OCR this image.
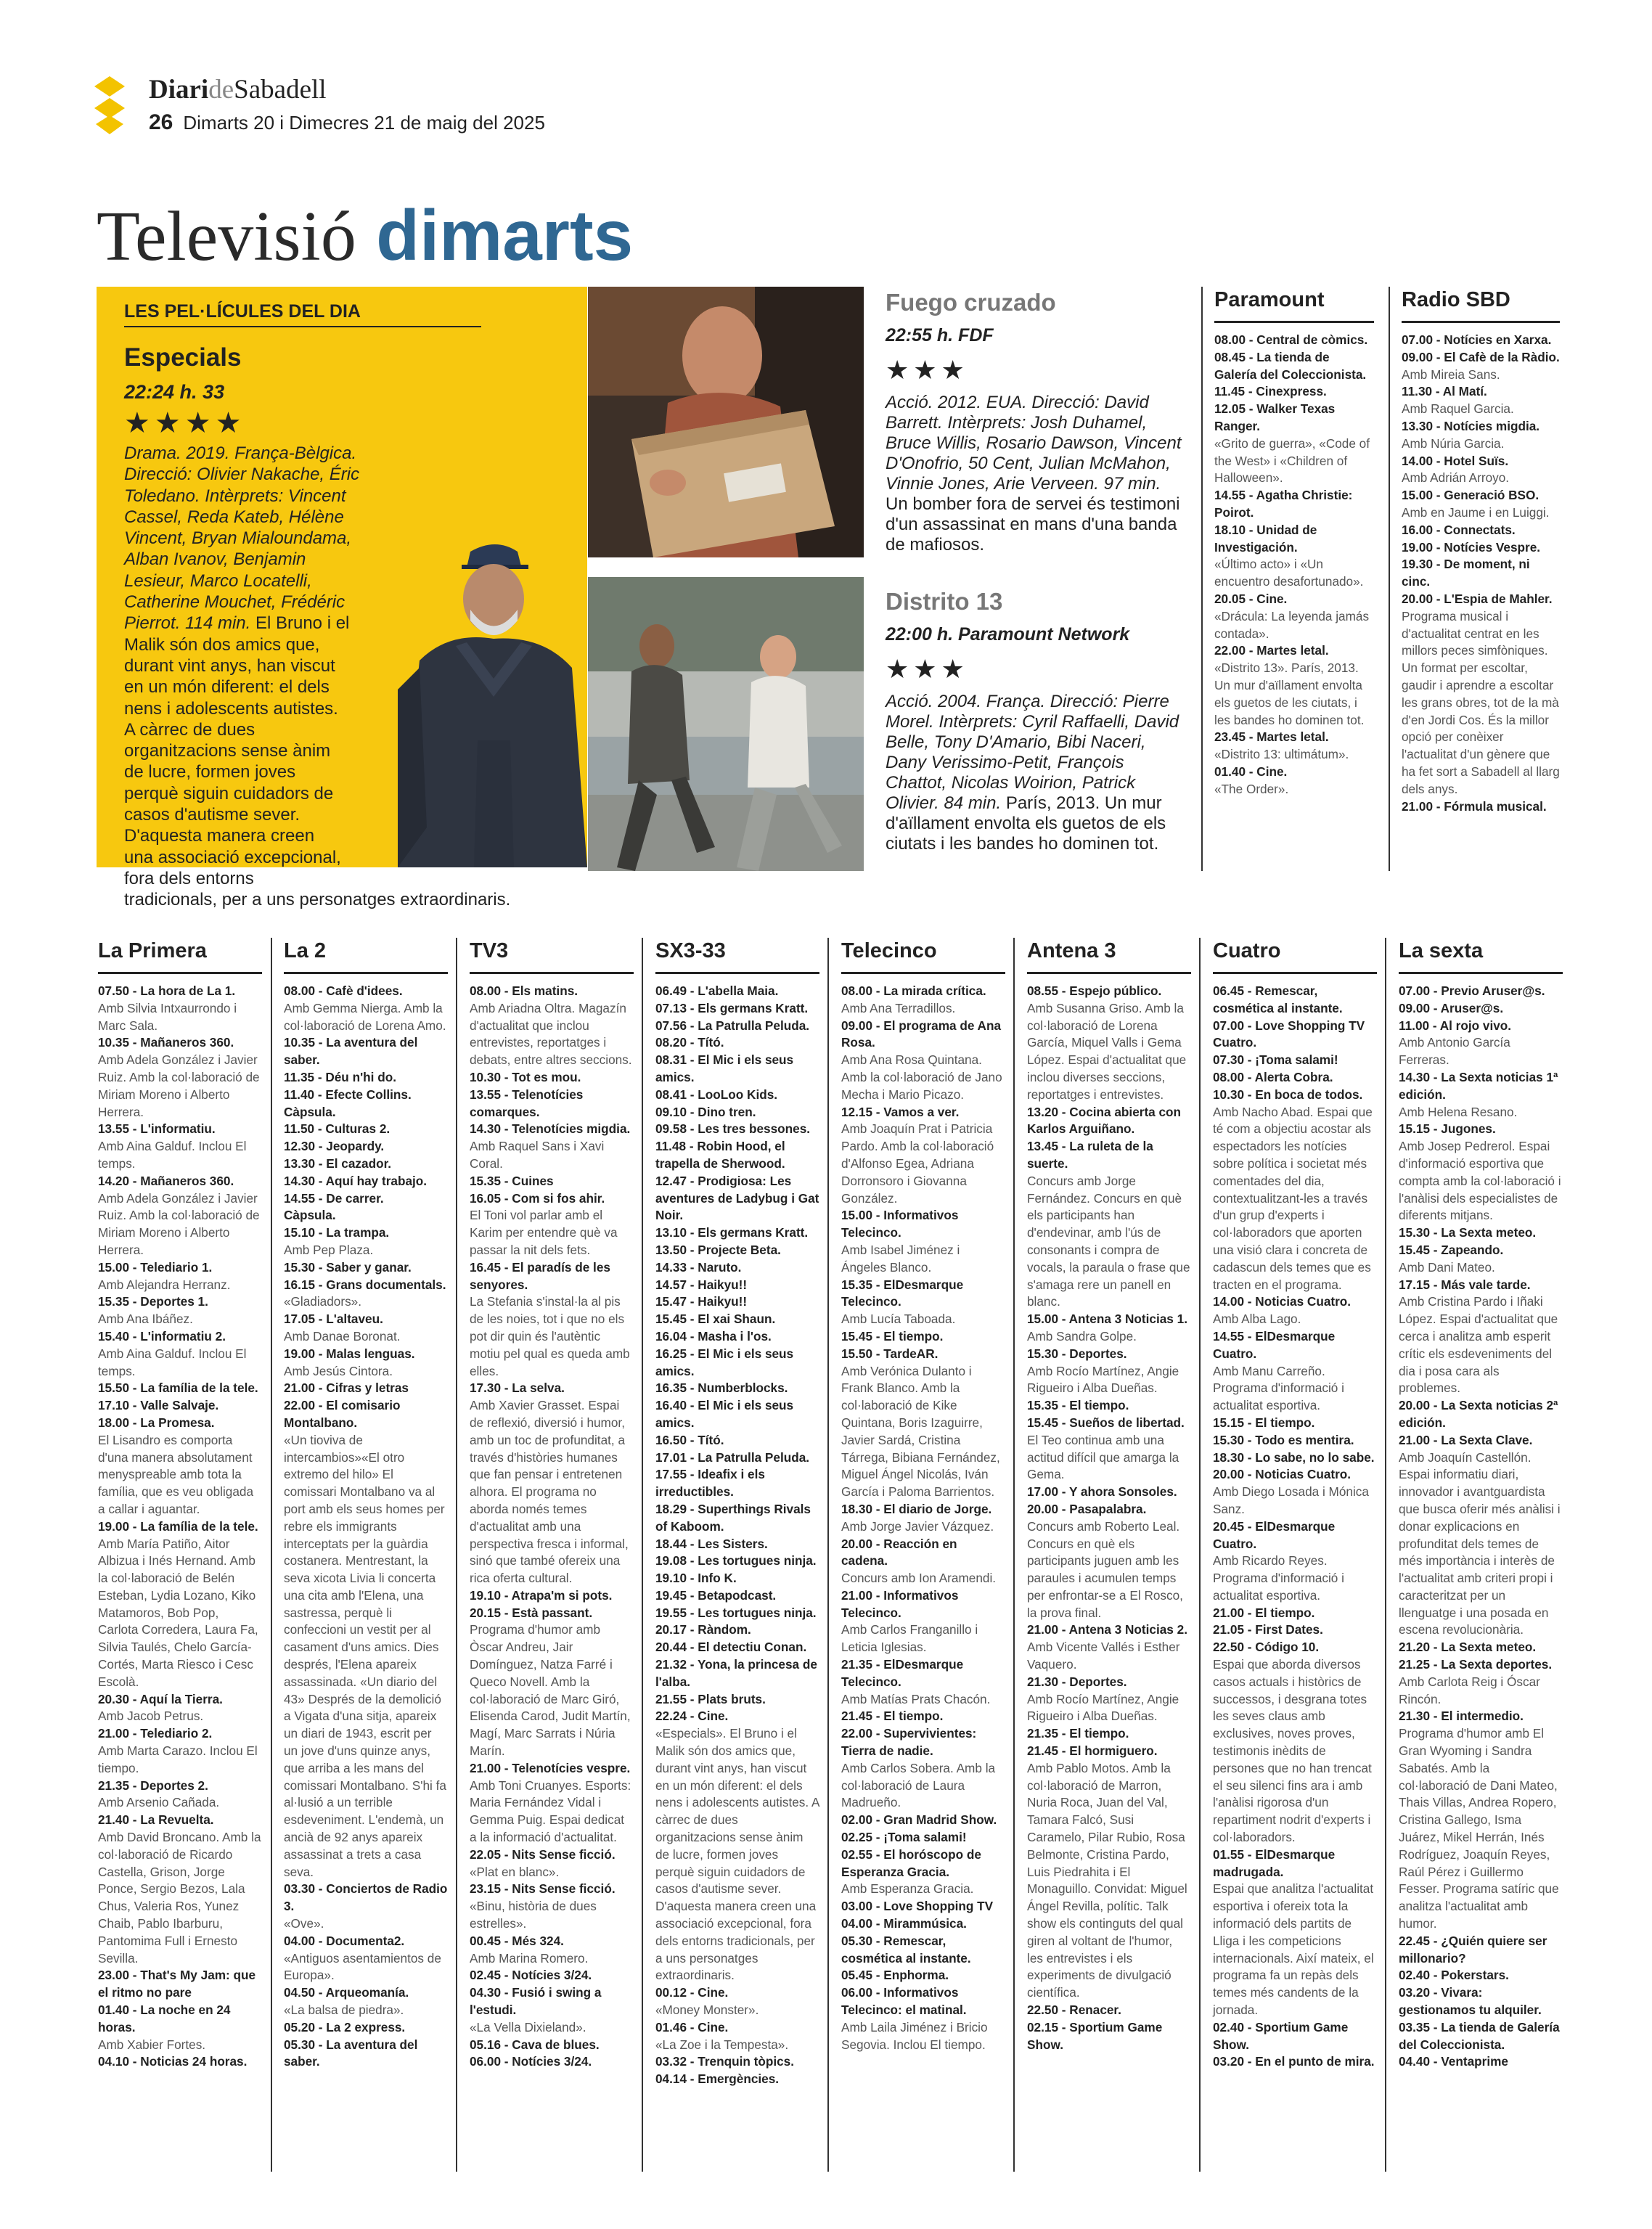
DiarideSabadell
26 Dimarts 20 i Dimecres 21 de maig del 2025
Televisió dimarts
LES PEL·LÍCULES DEL DIA
Especials
22:24 h. 33
★★★★
Drama. 2019. França-Bèlgica. Direcció: Olivier Nakache, Éric Toledano. Intèrprets: Vincent Cassel, Reda Kateb, Hélène Vincent, Bryan Mialoundama, Alban Ivanov, Benjamin Lesieur, Marco Locatelli, Catherine Mouchet, Frédéric Pierrot. 114 min. El Bruno i el Malik són dos amics que, durant vint anys, han viscut en un món diferent: el dels nens i adolescents autistes. A càrrec de dues organitzacions sense ànim de lucre, formen joves perquè siguin cuidadors de casos d'autisme sever. D'aquesta manera creen una associació excepcional, fora dels entorns tradicionals, per a uns personatges extraordinaris.
Fuego cruzado
22:55 h. FDF
★★★
Acció. 2012. EUA. Direcció: David Barrett. Intèrprets: Josh Duhamel, Bruce Willis, Rosario Dawson, Vincent D'Onofrio, 50 Cent, Julian McMahon, Vinnie Jones, Arie Verveen. 97 min. Un bomber fora de servei és testimoni d'un assassinat en mans d'una banda de mafiosos.
Distrito 13
22:00 h. Paramount Network
★★★
Acció. 2004. França. Direcció: Pierre Morel. Intèrprets: Cyril Raffaelli, David Belle, Tony D'Amario, Bibi Naceri, Dany Verissimo-Petit, François Chattot, Nicolas Woirion, Patrick Olivier. 84 min. París, 2013. Un mur d'aïllament envolta els guetos de els ciutats i les bandes ho dominen tot.
Paramount

08.00 - Central de còmics.

08.45 - La tienda de Galería del Coleccionista.

11.45 - Cinexpress.

12.05 - Walker Texas Ranger.
«Grito de guerra», «Code of the West» i «Children of Halloween».

14.55 - Agatha Christie: Poirot.

18.10 - Unidad de Investigación.
«Último acto» i «Un encuentro desafortunado».

20.05 - Cine.
«Drácula: La leyenda jamás contada».

22.00 - Martes letal.
«Distrito 13». París, 2013. Un mur d'aïllament envolta els guetos de les ciutats, i les bandes ho dominen tot.

23.45 - Martes letal.
«Distrito 13: ultimátum».

01.40 - Cine.
«The Order».

Radio SBD

07.00 - Notícies en Xarxa.

09.00 - El Cafè de la Ràdio.
Amb Mireia Sans.

11.30 - Al Matí.
Amb Raquel Garcia.

13.30 - Notícies migdia.
Amb Núria Garcia.

14.00 - Hotel Suïs.
Amb Adrián Arroyo.

15.00 - Generació BSO.
Amb en Jaume i en Luiggi.

16.00 - Connectats.

19.00 - Notícies Vespre.

19.30 - De moment, ni cinc.

20.00 - L'Espia de Mahler.
Programa musical i d'actualitat centrat en les millors peces simfòniques. Un format per escoltar, gaudir i aprendre a escoltar les grans obres, tot de la mà d'en Jordi Cos. És la millor opció per conèixer l'actualitat d'un gènere que ha fet sort a Sabadell al llarg dels anys.

21.00 - Fórmula musical.

La Primera

07.50 - La hora de La 1.
Amb Silvia Intxaurrondo i Marc Sala.

10.35 - Mañaneros 360.
Amb Adela González i Javier Ruiz. Amb la col·laboració de Miriam Moreno i Alberto Herrera.

13.55 - L'informatiu.
Amb Aina Galduf. Inclou El temps.

14.20 - Mañaneros 360.
Amb Adela González i Javier Ruiz. Amb la col·laboració de Miriam Moreno i Alberto Herrera.

15.00 - Telediario 1.
Amb Alejandra Herranz.

15.35 - Deportes 1.
Amb Ana Ibáñez.

15.40 - L'informatiu 2.
Amb Aina Galduf. Inclou El temps.

15.50 - La família de la tele.

17.10 - Valle Salvaje.

18.00 - La Promesa.
El Lisandro es comporta d'una manera absolutament menyspreable amb tota la família, que es veu obligada a callar i aguantar.

19.00 - La família de la tele.
Amb María Patiño, Aitor Albizua i Inés Hernand. Amb la col·laboració de Belén Esteban, Lydia Lozano, Kiko Matamoros, Bob Pop, Carlota Corredera, Laura Fa, Silvia Taulés, Chelo García-Cortés, Marta Riesco i Cesc Escolà.

20.30 - Aquí la Tierra.
Amb Jacob Petrus.

21.00 - Telediario 2.
Amb Marta Carazo. Inclou El tiempo.

21.35 - Deportes 2.
Amb Arsenio Cañada.

21.40 - La Revuelta.
Amb David Broncano. Amb la col·laboració de Ricardo Castella, Grison, Jorge Ponce, Sergio Bezos, Lala Chus, Valeria Ros, Yunez Chaib, Pablo Ibarburu, Pantomima Full i Ernesto Sevilla.

23.00 - That's My Jam: que el ritmo no pare

01.40 - La noche en 24 horas.
Amb Xabier Fortes.

04.10 - Noticias 24 horas.

La 2

08.00 - Cafè d'idees.
Amb Gemma Nierga. Amb la col·laboració de Lorena Amo.

10.35 - La aventura del saber.

11.35 - Déu n'hi do.

11.40 - Efecte Collins.

Càpsula.

11.50 - Culturas 2.

12.30 - Jeopardy.

13.30 - El cazador.

14.30 - Aquí hay trabajo.

14.55 - De carrer.

Càpsula.

15.10 - La trampa.
Amb Pep Plaza.

15.30 - Saber y ganar.

16.15 - Grans documentals.
«Gladiadors».

17.05 - L'altaveu.
Amb Danae Boronat.

19.00 - Malas lenguas.
Amb Jesús Cintora.

21.00 - Cifras y letras

22.00 - El comisario Montalbano.
«Un tioviva de intercambios»«El otro extremo del hilo» El comissari Montalbano va al port amb els seus homes per rebre els immigrants interceptats per la guàrdia costanera. Mentrestant, la seva xicota Livia li concerta una cita amb l'Elena, una sastressa, perquè li confeccioni un vestit per al casament d'uns amics. Dies després, l'Elena apareix assassinada. «Un diario del 43» Després de la demolició a Vigata d'una sitja, apareix un diari de 1943, escrit per un jove d'uns quinze anys, que arriba a les mans del comissari Montalbano. S'hi fa al·lusió a un terrible esdeveniment. L'endemà, un ancià de 92 anys apareix assassinat a trets a casa seva.

03.30 - Conciertos de Radio 3.
«Ove».

04.00 - Documenta2.
«Antiguos asentamientos de Europa».

04.50 - Arqueomanía.
«La balsa de piedra».

05.20 - La 2 express.

05.30 - La aventura del saber.

TV3

08.00 - Els matins.
Amb Ariadna Oltra. Magazín d'actualitat que inclou entrevistes, reportatges i debats, entre altres seccions.

10.30 - Tot es mou.

13.55 - Telenotícies comarques.

14.30 - Telenotícies migdia.
Amb Raquel Sans i Xavi Coral.

15.35 - Cuines

16.05 - Com si fos ahir.
El Toni vol parlar amb el Karim per entendre què va passar la nit dels fets.

16.45 - El paradís de les senyores.
La Stefania s'instal·la al pis de les noies, tot i que no els pot dir quin és l'autèntic motiu pel qual es queda amb elles.

17.30 - La selva.
Amb Xavier Grasset. Espai de reflexió, diversió i humor, amb un toc de profunditat, a través d'històries humanes que fan pensar i entretenen alhora. El programa no aborda només temes d'actualitat amb una perspectiva fresca i informal, sinó que també ofereix una rica oferta cultural.

19.10 - Atrapa'm si pots.

20.15 - Està passant.
Programa d'humor amb Òscar Andreu, Jair Domínguez, Natza Farré i Queco Novell. Amb la col·laboració de Marc Giró, Elisenda Carod, Judit Martín, Magí, Marc Sarrats i Núria Marín.

21.00 - Telenotícies vespre.
Amb Toni Cruanyes. Esports: Maria Fernández Vidal i Gemma Puig. Espai dedicat a la informació d'actualitat.

22.05 - Nits Sense ficció.
«Plat en blanc».

23.15 - Nits Sense ficció.
«Binu, història de dues estrelles».

00.45 - Més 324.
Amb Marina Romero.

02.45 - Notícies 3/24.

04.30 - Fusió i swing a l'estudi.
«La Vella Dixieland».

05.16 - Cava de blues.

06.00 - Notícies 3/24.

SX3-33

06.49 - L'abella Maia.

07.13 - Els germans Kratt.

07.56 - La Patrulla Peluda.

08.20 - Tító.

08.31 - El Mic i els seus amics.

08.41 - LooLoo Kids.

09.10 - Dino tren.

09.58 - Les tres bessones.

11.48 - Robin Hood, el trapella de Sherwood.

12.47 - Prodigiosa: Les aventures de Ladybug i Gat Noir.

13.10 - Els germans Kratt.

13.50 - Projecte Beta.

14.33 - Naruto.

14.57 - Haikyu!!

15.47 - Haikyu!!

15.45 - El xai Shaun.

16.04 - Masha i l'os.

16.25 - El Mic i els seus amics.

16.35 - Numberblocks.

16.40 - El Mic i els seus amics.

16.50 - Tító.

17.01 - La Patrulla Peluda.

17.55 - Ideafix i els irreductibles.

18.29 - Superthings Rivals of Kaboom.

18.44 - Les Sisters.

19.08 - Les tortugues ninja.

19.10 - Info K.

19.45 - Betapodcast.

19.55 - Les tortugues ninja.

20.17 - Ràndom.

20.44 - El detectiu Conan.

21.32 - Yona, la princesa de l'alba.

21.55 - Plats bruts.

22.24 - Cine.
«Especials». El Bruno i el Malik són dos amics que, durant vint anys, han viscut en un món diferent: el dels nens i adolescents autistes. A càrrec de dues organitzacions sense ànim de lucre, formen joves perquè siguin cuidadors de casos d'autisme sever. D'aquesta manera creen una associació excepcional, fora dels entorns tradicionals, per a uns personatges extraordinaris.

00.12 - Cine.
«Money Monster».

01.46 - Cine.
«La Zoe i la Tempesta».

03.32 - Trenquin tòpics.

04.14 - Emergències.

Telecinco

08.00 - La mirada crítica.
Amb Ana Terradillos.

09.00 - El programa de Ana Rosa.
Amb Ana Rosa Quintana. Amb la col·laboració de Jano Mecha i Mario Picazo.

12.15 - Vamos a ver.
Amb Joaquín Prat i Patricia Pardo. Amb la col·laboració d'Alfonso Egea, Adriana Dorronsoro i Giovanna González.

15.00 - Informativos Telecinco.
Amb Isabel Jiménez i Ángeles Blanco.

15.35 - ElDesmarque Telecinco.
Amb Lucía Taboada.

15.45 - El tiempo.

15.50 - TardeAR.
Amb Verónica Dulanto i Frank Blanco. Amb la col·laboració de Kike Quintana, Boris Izaguirre, Javier Sardá, Cristina Tárrega, Bibiana Fernández, Miguel Ángel Nicolás, Iván García i Paloma Barrientos.

18.30 - El diario de Jorge.
Amb Jorge Javier Vázquez.

20.00 - Reacción en cadena.
Concurs amb Ion Aramendi.

21.00 - Informativos Telecinco.
Amb Carlos Franganillo i Leticia Iglesias.

21.35 - ElDesmarque Telecinco.
Amb Matías Prats Chacón.

21.45 - El tiempo.

22.00 - Supervivientes: Tierra de nadie.
Amb Carlos Sobera. Amb la col·laboració de Laura Madrueño.

02.00 - Gran Madrid Show.

02.25 - ¡Toma salami!

02.55 - El horóscopo de Esperanza Gracia.
Amb Esperanza Gracia.

03.00 - Love Shopping TV

04.00 - Mirammúsica.

05.30 - Remescar, cosmética al instante.

05.45 - Enphorma.

06.00 - Informativos Telecinco: el matinal.
Amb Laila Jiménez i Bricio Segovia. Inclou El tiempo.

Antena 3

08.55 - Espejo público.
Amb Susanna Griso. Amb la col·laboració de Lorena García, Miquel Valls i Gema López. Espai d'actualitat que inclou diverses seccions, reportatges i entrevistes.

13.20 - Cocina abierta con Karlos Arguiñano.

13.45 - La ruleta de la suerte.
Concurs amb Jorge Fernández. Concurs en què els participants han d'endevinar, amb l'ús de consonants i compra de vocals, la paraula o frase que s'amaga rere un panell en blanc.

15.00 - Antena 3 Noticias 1.
Amb Sandra Golpe.

15.30 - Deportes.
Amb Rocío Martínez, Angie Rigueiro i Alba Dueñas.

15.35 - El tiempo.

15.45 - Sueños de libertad.
El Teo continua amb una actitud difícil que amarga la Gema.

17.00 - Y ahora Sonsoles.

20.00 - Pasapalabra.
Concurs amb Roberto Leal. Concurs en què els participants juguen amb les paraules i acumulen temps per enfrontar-se a El Rosco, la prova final.

21.00 - Antena 3 Noticias 2.
Amb Vicente Vallés i Esther Vaquero.

21.30 - Deportes.
Amb Rocío Martínez, Angie Rigueiro i Alba Dueñas.

21.35 - El tiempo.

21.45 - El hormiguero.
Amb Pablo Motos. Amb la col·laboració de Marron, Nuria Roca, Juan del Val, Tamara Falcó, Susi Caramelo, Pilar Rubio, Rosa Belmonte, Cristina Pardo, Luis Piedrahita i El Monaguillo. Convidat: Miguel Ángel Revilla, polític. Talk show els continguts del qual giren al voltant de l'humor, les entrevistes i els experiments de divulgació científica.

22.50 - Renacer.

02.15 - Sportium Game Show.

Cuatro

06.45 - Remescar, cosmética al instante.

07.00 - Love Shopping TV Cuatro.

07.30 - ¡Toma salami!

08.00 - Alerta Cobra.

10.30 - En boca de todos.
Amb Nacho Abad. Espai que té com a objectiu acostar als espectadors les notícies sobre política i societat més comentades del dia, contextualitzant-les a través d'un grup d'experts i col·laboradors que aporten una visió clara i concreta de cadascun dels temes que es tracten en el programa.

14.00 - Noticias Cuatro.
Amb Alba Lago.

14.55 - ElDesmarque Cuatro.
Amb Manu Carreño. Programa d'informació i actualitat esportiva.

15.15 - El tiempo.

15.30 - Todo es mentira.

18.30 - Lo sabe, no lo sabe.

20.00 - Noticias Cuatro.
Amb Diego Losada i Mónica Sanz.

20.45 - ElDesmarque Cuatro.
Amb Ricardo Reyes. Programa d'informació i actualitat esportiva.

21.00 - El tiempo.

21.05 - First Dates.

22.50 - Código 10.
Espai que aborda diversos casos actuals i històrics de successos, i desgrana totes les seves claus amb exclusives, noves proves, testimonis inèdits de persones que no han trencat el seu silenci fins ara i amb l'anàlisi rigorosa d'un repartiment nodrit d'experts i col·laboradors.

01.55 - ElDesmarque madrugada.
Espai que analitza l'actualitat esportiva i ofereix tota la informació dels partits de Lliga i les competicions internacionals. Així mateix, el programa fa un repàs dels temes més candents de la jornada.

02.40 - Sportium Game Show.

03.20 - En el punto de mira.

La sexta

07.00 - Previo Aruser@s.

09.00 - Aruser@s.

11.00 - Al rojo vivo.
Amb Antonio García Ferreras.

14.30 - La Sexta noticias 1ª edición.
Amb Helena Resano.

15.15 - Jugones.
Amb Josep Pedrerol. Espai d'informació esportiva que compta amb la col·laboració i l'anàlisi dels especialistes de diferents mitjans.

15.30 - La Sexta meteo.

15.45 - Zapeando.
Amb Dani Mateo.

17.15 - Más vale tarde.
Amb Cristina Pardo i Iñaki López. Espai d'actualitat que cerca i analitza amb esperit crític els esdeveniments del dia i posa cara als problemes.

20.00 - La Sexta noticias 2ª edición.

21.00 - La Sexta Clave.
Amb Joaquín Castellón. Espai informatiu diari, innovador i avantguardista que busca oferir més anàlisi i donar explicacions en profunditat dels temes de més importància i interès de l'actualitat amb criteri propi i caracteritzat per un llenguatge i una posada en escena revolucionària.

21.20 - La Sexta meteo.

21.25 - La Sexta deportes.
Amb Carlota Reig i Óscar Rincón.

21.30 - El intermedio.
Programa d'humor amb El Gran Wyoming i Sandra Sabatés. Amb la col·laboració de Dani Mateo, Thais Villas, Andrea Ropero, Cristina Gallego, Isma Juárez, Mikel Herrán, Inés Rodríguez, Joaquín Reyes, Raúl Pérez i Guillermo Fesser. Programa satíric que analitza l'actualitat amb humor.

22.45 - ¿Quién quiere ser millonario?

02.40 - Pokerstars.

03.20 - Vivara: gestionamos tu alquiler.

03.35 - La tienda de Galería del Coleccionista.

04.40 - Ventaprime
